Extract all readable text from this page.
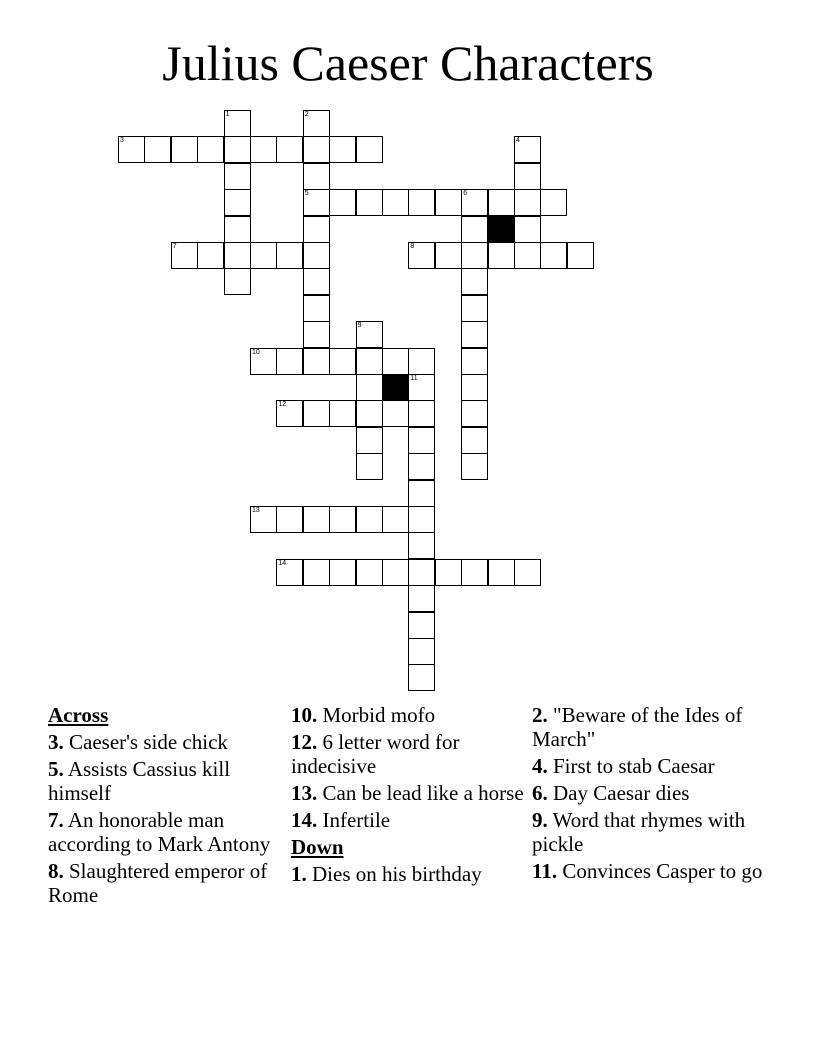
Julius Caeser Characters
3
5	6
7	8
10
12
13
14
1	2
4
9
11
Across
3. Caeser's side chick
5. Assists Cassius kill himself
7. An honorable man according to Mark Antony
8. Slaughtered emperor of Rome
10. Morbid mofo
12. 6 letter word for indecisive
13. Can be lead like a horse
14. Infertile
Down
1. Dies on his birthday
2. "Beware of the Ides of March"
4. First to stab Caesar
6. Day Caesar dies
9. Word that rhymes with pickle
11. Convinces Casper to go
